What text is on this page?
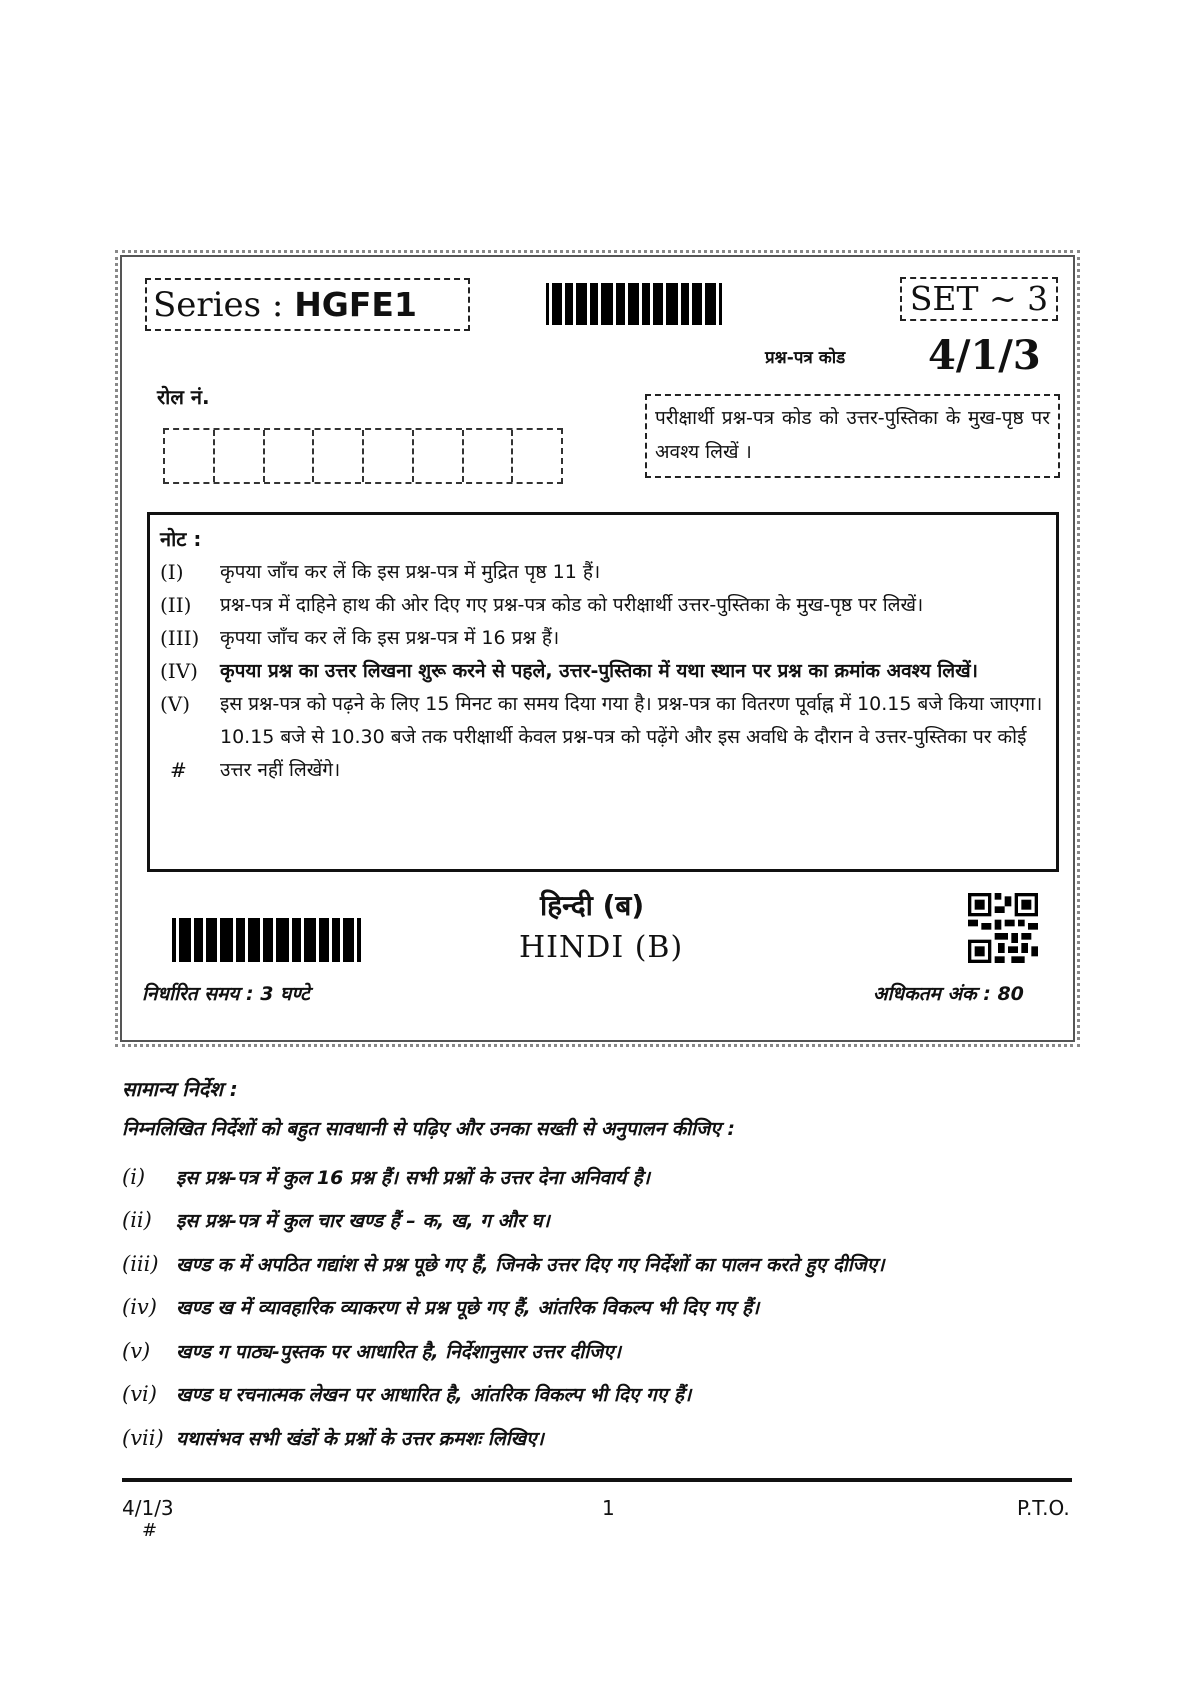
Series : HGFE1	SET ~ 3
प्रश्न-पत्र कोड 4/1/3
रोल नं.
परीक्षार्थी प्रश्न-पत्र कोड को उत्तर-पुस्तिका के मुख-पृष्ठ पर अवश्य लिखें ।
नोट :
(I)	कृपया जाँच कर लें कि इस प्रश्न-पत्र में मुद्रित पृष्ठ 11 हैं।
(II)	प्रश्न-पत्र में दाहिने हाथ की ओर दिए गए प्रश्न-पत्र कोड को परीक्षार्थी उत्तर-पुस्तिका के मुख-पृष्ठ पर लिखें।
(III)	कृपया जाँच कर लें कि इस प्रश्न-पत्र में 16 प्रश्न हैं।
(IV)	कृपया प्रश्न का उत्तर लिखना शुरू करने से पहले, उत्तर-पुस्तिका में यथा स्थान पर प्रश्न का क्रमांक अवश्य लिखें।
(V)

#
इस प्रश्न-पत्र को पढ़ने के लिए 15 मिनट का समय दिया गया है। प्रश्न-पत्र का वितरण पूर्वाह्न में 10.15 बजे किया जाएगा। 10.15 बजे से 10.30 बजे तक परीक्षार्थी केवल प्रश्न-पत्र को पढ़ेंगे और इस अवधि के दौरान वे उत्तर-पुस्तिका पर कोई उत्तर नहीं लिखेंगे।
हिन्दी (ब)
HINDI (B)
निर्धारित समय : 3 घण्टे	अधिकतम अंक : 80
सामान्य निर्देश :
निम्नलिखित निर्देशों को बहुत सावधानी से पढ़िए और उनका सख्ती से अनुपालन कीजिए :
(i)	इस प्रश्न-पत्र में कुल 16 प्रश्न हैं। सभी प्रश्नों के उत्तर देना अनिवार्य है।
(ii)	इस प्रश्न-पत्र में कुल चार खण्ड हैं – क, ख, ग और घ।
(iii) खण्ड क में अपठित गद्यांश से प्रश्न पूछे गए हैं, जिनके उत्तर दिए गए निर्देशों का पालन करते हुए दीजिए।
(iv)	खण्ड ख में व्यावहारिक व्याकरण से प्रश्न पूछे गए हैं, आंतरिक विकल्प भी दिए गए हैं।
(v)	खण्ड ग पाठ्य-पुस्तक पर आधारित है, निर्देशानुसार उत्तर दीजिए।
(vi)	खण्ड घ रचनात्मक लेखन पर आधारित है, आंतरिक विकल्प भी दिए गए हैं।
(vii) यथासंभव सभी खंडों के प्रश्नों के उत्तर क्रमशः लिखिए।
4/1/3
#
1	P.T.O.
